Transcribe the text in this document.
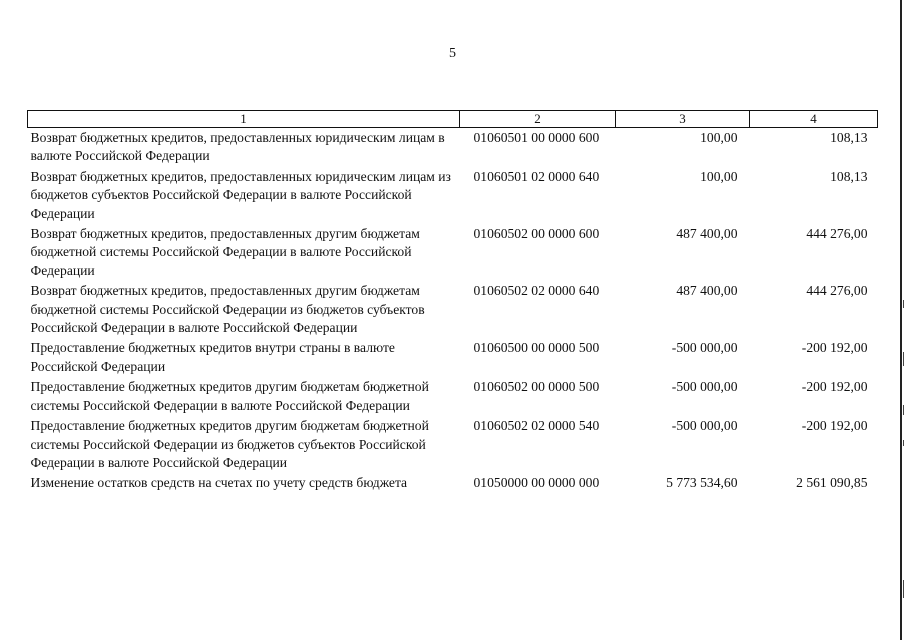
5
1	2	3	4
Возврат бюджетных кредитов, предоставленных юридическим лицам в валюте Российской Федерации	01060501 00 0000 600	100,00	108,13
Возврат бюджетных кредитов, предоставленных юридическим лицам из бюджетов субъектов Российской Федерации в валюте Российской Федерации	01060501 02 0000 640	100,00	108,13
Возврат бюджетных кредитов, предоставленных другим бюджетам бюджетной системы Российской Федерации в валюте Российской Федерации	01060502 00 0000 600	487 400,00	444 276,00
Возврат бюджетных кредитов, предоставленных другим бюджетам бюджетной системы Российской Федерации из бюджетов субъектов Российской Федерации в валюте Российской Федерации	01060502 02 0000 640	487 400,00	444 276,00
Предоставление бюджетных кредитов внутри страны в валюте Российской Федерации	01060500 00 0000 500	-500 000,00	-200 192,00
Предоставление бюджетных кредитов другим бюджетам бюджетной системы Российской Федерации в валюте Российской Федерации	01060502 00 0000 500	-500 000,00	-200 192,00
Предоставление бюджетных кредитов другим бюджетам бюджетной системы Российской Федерации из бюджетов субъектов Российской Федерации в валюте Российской Федерации	01060502 02 0000 540	-500 000,00	-200 192,00
Изменение остатков средств на счетах по учету средств бюджета	01050000 00 0000 000	5 773 534,60	2 561 090,85
